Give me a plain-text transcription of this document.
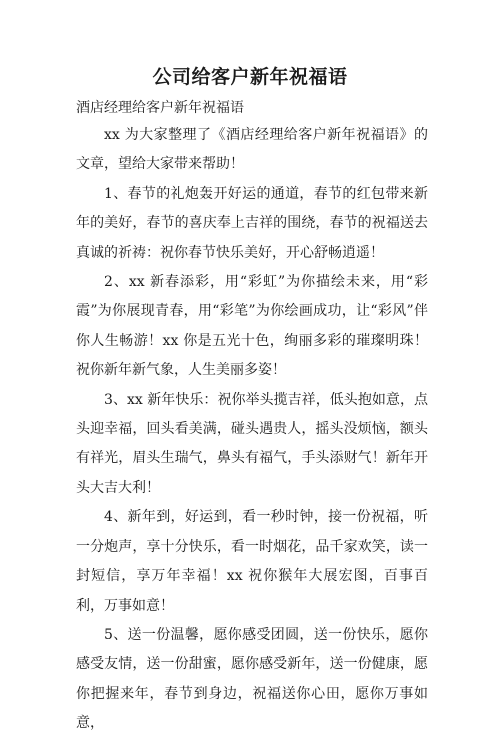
公司给客户新年祝福语

酒店经理给客户新年祝福语

xx 为大家整理了《酒店经理给客户新年祝福语》的文章，望给大家带来帮助！

1、春节的礼炮轰开好运的通道，春节的红包带来新年的美好，春节的喜庆奉上吉祥的围绕，春节的祝福送去真诚的祈祷：祝你春节快乐美好，开心舒畅逍遥！

2、xx 新春添彩，用“彩虹”为你描绘未来，用“彩霞”为你展现青春，用“彩笔”为你绘画成功，让“彩风”伴你人生畅游！xx 你是五光十色，绚丽多彩的璀璨明珠！祝你新年新气象，人生美丽多姿！

3、xx 新年快乐：祝你举头揽吉祥，低头抱如意，点头迎幸福，回头看美满，碰头遇贵人，摇头没烦恼，额头有祥光，眉头生瑞气，鼻头有福气，手头添财气！新年开头大吉大利！

4、新年到，好运到，看一秒时钟，接一份祝福，听一分炮声，享十分快乐，看一时烟花，品千家欢笑，读一封短信，享万年幸福！xx 祝你猴年大展宏图，百事百利，万事如意！

5、送一份温馨，愿你感受团圆，送一份快乐，愿你感受友情，送一份甜蜜，愿你感受新年，送一份健康，愿你把握来年，春节到身边，祝福送你心田，愿你万事如意，
